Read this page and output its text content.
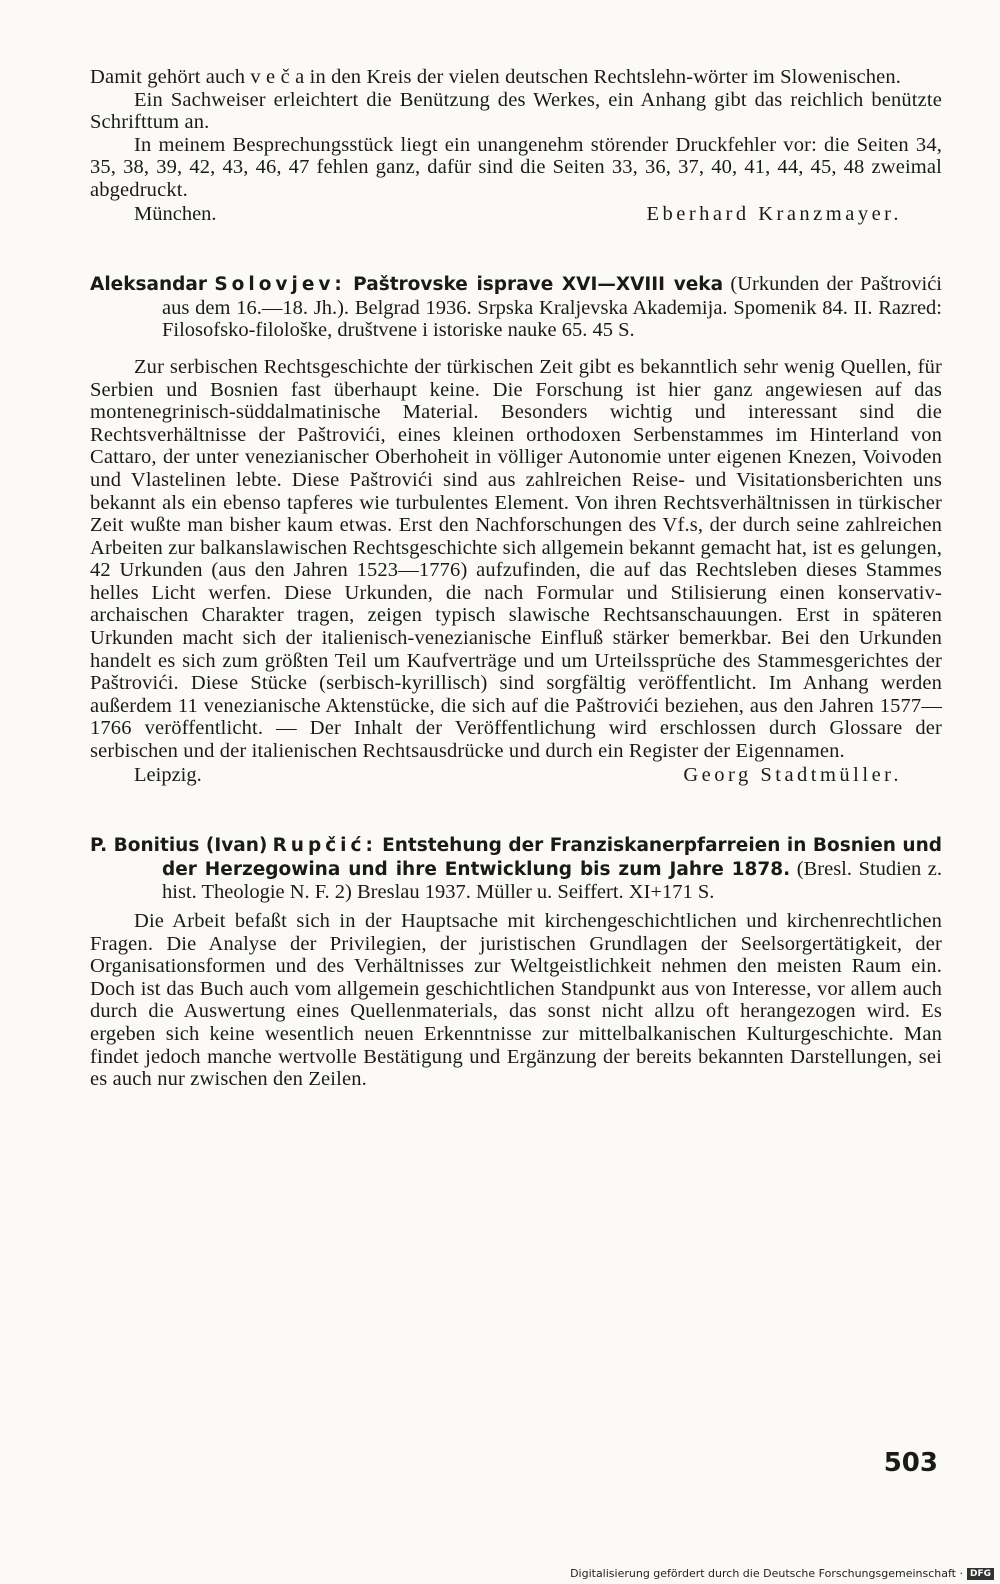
Damit gehört auch v e č a in den Kreis der vielen deutschen Rechtslehn-wörter im Slowenischen.

Ein Sachweiser erleichtert die Benützung des Werkes, ein Anhang gibt das reichlich benützte Schrifttum an.

In meinem Besprechungsstück liegt ein unangenehm störender Druckfehler vor: die Seiten 34, 35, 38, 39, 42, 43, 46, 47 fehlen ganz, dafür sind die Seiten 33, 36, 37, 40, 41, 44, 45, 48 zweimal abgedruckt.

München.	Eberhard Kranzmayer.
Aleksandar Solovjev: Paštrovske isprave XVI—XVIII veka (Urkunden der Paštrovići aus dem 16.—18. Jh.). Belgrad 1936. Srpska Kraljevska Akademija. Spomenik 84. II. Razred: Filosofsko-filološke, društvene i istoriske nauke 65. 45 S.

Zur serbischen Rechtsgeschichte der türkischen Zeit gibt es bekanntlich sehr wenig Quellen, für Serbien und Bosnien fast überhaupt keine. Die Forschung ist hier ganz angewiesen auf das montenegrinisch-süddalmatinische Material. Besonders wichtig und interessant sind die Rechtsverhältnisse der Paštrovići, eines kleinen orthodoxen Serbenstammes im Hinterland von Cattaro, der unter venezianischer Oberhoheit in völliger Autonomie unter eigenen Knezen, Voivoden und Vlastelinen lebte. Diese Paštrovići sind aus zahlreichen Reise- und Visitationsberichten uns bekannt als ein ebenso tapferes wie turbulentes Element. Von ihren Rechtsverhältnissen in türkischer Zeit wußte man bisher kaum etwas. Erst den Nachforschungen des Vf.s, der durch seine zahlreichen Arbeiten zur balkanslawischen Rechtsgeschichte sich allgemein bekannt gemacht hat, ist es gelungen, 42 Urkunden (aus den Jahren 1523—1776) aufzufinden, die auf das Rechtsleben dieses Stammes helles Licht werfen. Diese Urkunden, die nach Formular und Stilisierung einen konservativ-archaischen Charakter tragen, zeigen typisch slawische Rechtsanschauungen. Erst in späteren Urkunden macht sich der italienisch-venezianische Einfluß stärker bemerkbar. Bei den Urkunden handelt es sich zum größten Teil um Kaufverträge und um Urteilssprüche des Stammesgerichtes der Paštrovići. Diese Stücke (serbisch-kyrillisch) sind sorgfältig veröffentlicht. Im Anhang werden außerdem 11 venezianische Aktenstücke, die sich auf die Paštrovići beziehen, aus den Jahren 1577—1766 veröffentlicht. — Der Inhalt der Veröffentlichung wird erschlossen durch Glossare der serbischen und der italienischen Rechtsausdrücke und durch ein Register der Eigennamen.

Leipzig.	Georg Stadtmüller.
P. Bonitius (Ivan) Rupčić: Entstehung der Franziskanerpfarreien in Bosnien und der Herzegowina und ihre Entwicklung bis zum Jahre 1878. (Bresl. Studien z. hist. Theologie N. F. 2) Breslau 1937. Müller u. Seiffert. XI+171 S.

Die Arbeit befaßt sich in der Hauptsache mit kirchengeschichtlichen und kirchenrechtlichen Fragen. Die Analyse der Privilegien, der juristischen Grundlagen der Seelsorgertätigkeit, der Organisationsformen und des Verhältnisses zur Weltgeistlichkeit nehmen den meisten Raum ein. Doch ist das Buch auch vom allgemein geschichtlichen Standpunkt aus von Interesse, vor allem auch durch die Auswertung eines Quellenmaterials, das sonst nicht allzu oft herangezogen wird. Es ergeben sich keine wesentlich neuen Erkenntnisse zur mittelbalkanischen Kulturgeschichte. Man findet jedoch manche wertvolle Bestätigung und Ergänzung der bereits bekannten Darstellungen, sei es auch nur zwischen den Zeilen.

503
Digitalisierung gefördert durch die Deutsche Forschungsgemeinschaft · DFG
